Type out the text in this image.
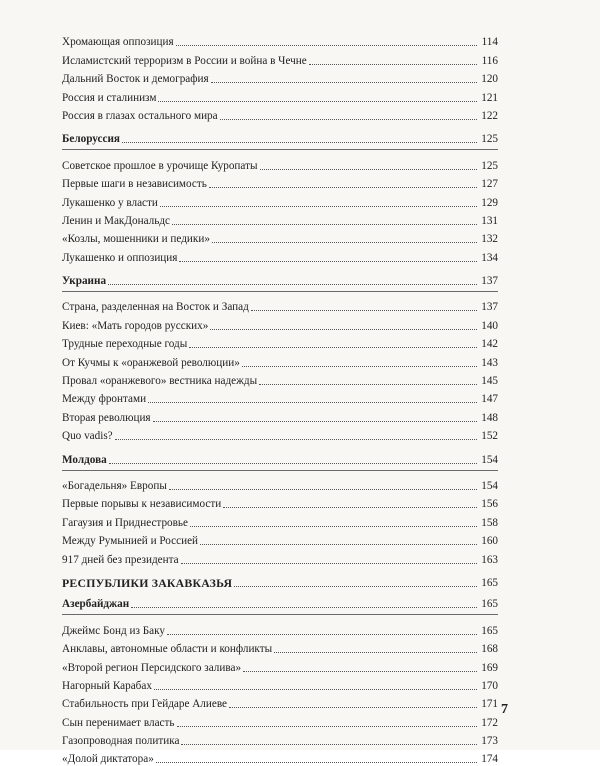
Хромающая оппозиция	114
Исламистский терроризм в России и война в Чечне	116
Дальний Восток и демография	120
Россия и сталинизм	121
Россия в глазах остального мира	122
Белоруссия	125
Советское прошлое в урочище Куропаты	125
Первые шаги в независимость	127
Лукашенко у власти	129
Ленин и МакДональдс	131
«Козлы, мошенники и педики»	132
Лукашенко и оппозиция	134
Украина	137
Страна, разделенная на Восток и Запад	137
Киев: «Мать городов русских»	140
Трудные переходные годы	142
От Кучмы к «оранжевой революции»	143
Провал «оранжевого» вестника надежды	145
Между фронтами	147
Вторая революция	148
Quo vadis?	152
Молдова	154
«Богадельня» Европы	154
Первые порывы к независимости	156
Гагаузия и Приднестровье	158
Между Румынией и Россией	160
917 дней без президента	163
РЕСПУБЛИКИ ЗАКАВКАЗЬЯ	165
Азербайджан	165
Джеймс Бонд из Баку	165
Анклавы, автономные области и конфликты	168
«Второй регион Персидского залива»	169
Нагорный Карабах	170
Стабильность при Гейдаре Алиеве	171
Сын перенимает власть	172
Газопроводная политика	173
«Долой диктатора»	174
7
